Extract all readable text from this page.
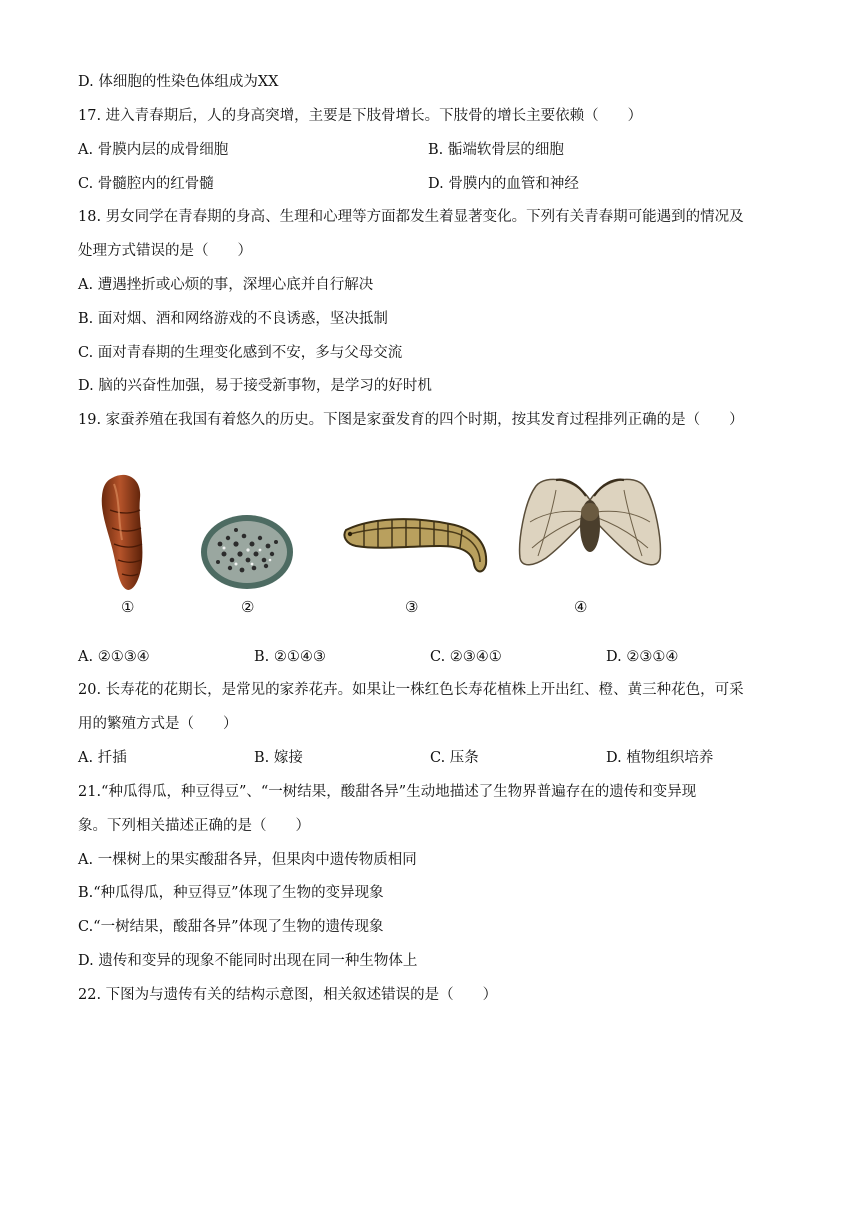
D. 体细胞的性染色体组成为XX
17. 进入青春期后，人的身高突增，主要是下肢骨增长。下肢骨的增长主要依赖（　　）
A. 骨膜内层的成骨细胞	B. 骺端软骨层的细胞
C. 骨髓腔内的红骨髓	D. 骨膜内的血管和神经
18. 男女同学在青春期的身高、生理和心理等方面都发生着显著变化。下列有关青春期可能遇到的情况及
处理方式错误的是（　　）
A. 遭遇挫折或心烦的事，深埋心底并自行解决
B. 面对烟、酒和网络游戏的不良诱惑，坚决抵制
C. 面对青春期的生理变化感到不安，多与父母交流
D. 脑的兴奋性加强，易于接受新事物，是学习的好时机
19. 家蚕养殖在我国有着悠久的历史。下图是家蚕发育的四个时期，按其发育过程排列正确的是（　　）
①	②	③	④
A. ②①③④	B. ②①④③	C. ②③④①	D. ②③①④
20. 长寿花的花期长，是常见的家养花卉。如果让一株红色长寿花植株上开出红、橙、黄三种花色，可采
用的繁殖方式是（　　）
A. 扦插	B. 嫁接	C. 压条	D. 植物组织培养
21.“种瓜得瓜，种豆得豆”、“一树结果，酸甜各异”生动地描述了生物界普遍存在的遗传和变异现
象。下列相关描述正确的是（　　）
A. 一棵树上的果实酸甜各异，但果肉中遗传物质相同
B.“种瓜得瓜，种豆得豆”体现了生物的变异现象
C.“一树结果，酸甜各异”体现了生物的遗传现象
D. 遗传和变异的现象不能同时出现在同一种生物体上
22. 下图为与遗传有关的结构示意图，相关叙述错误的是（　　）
